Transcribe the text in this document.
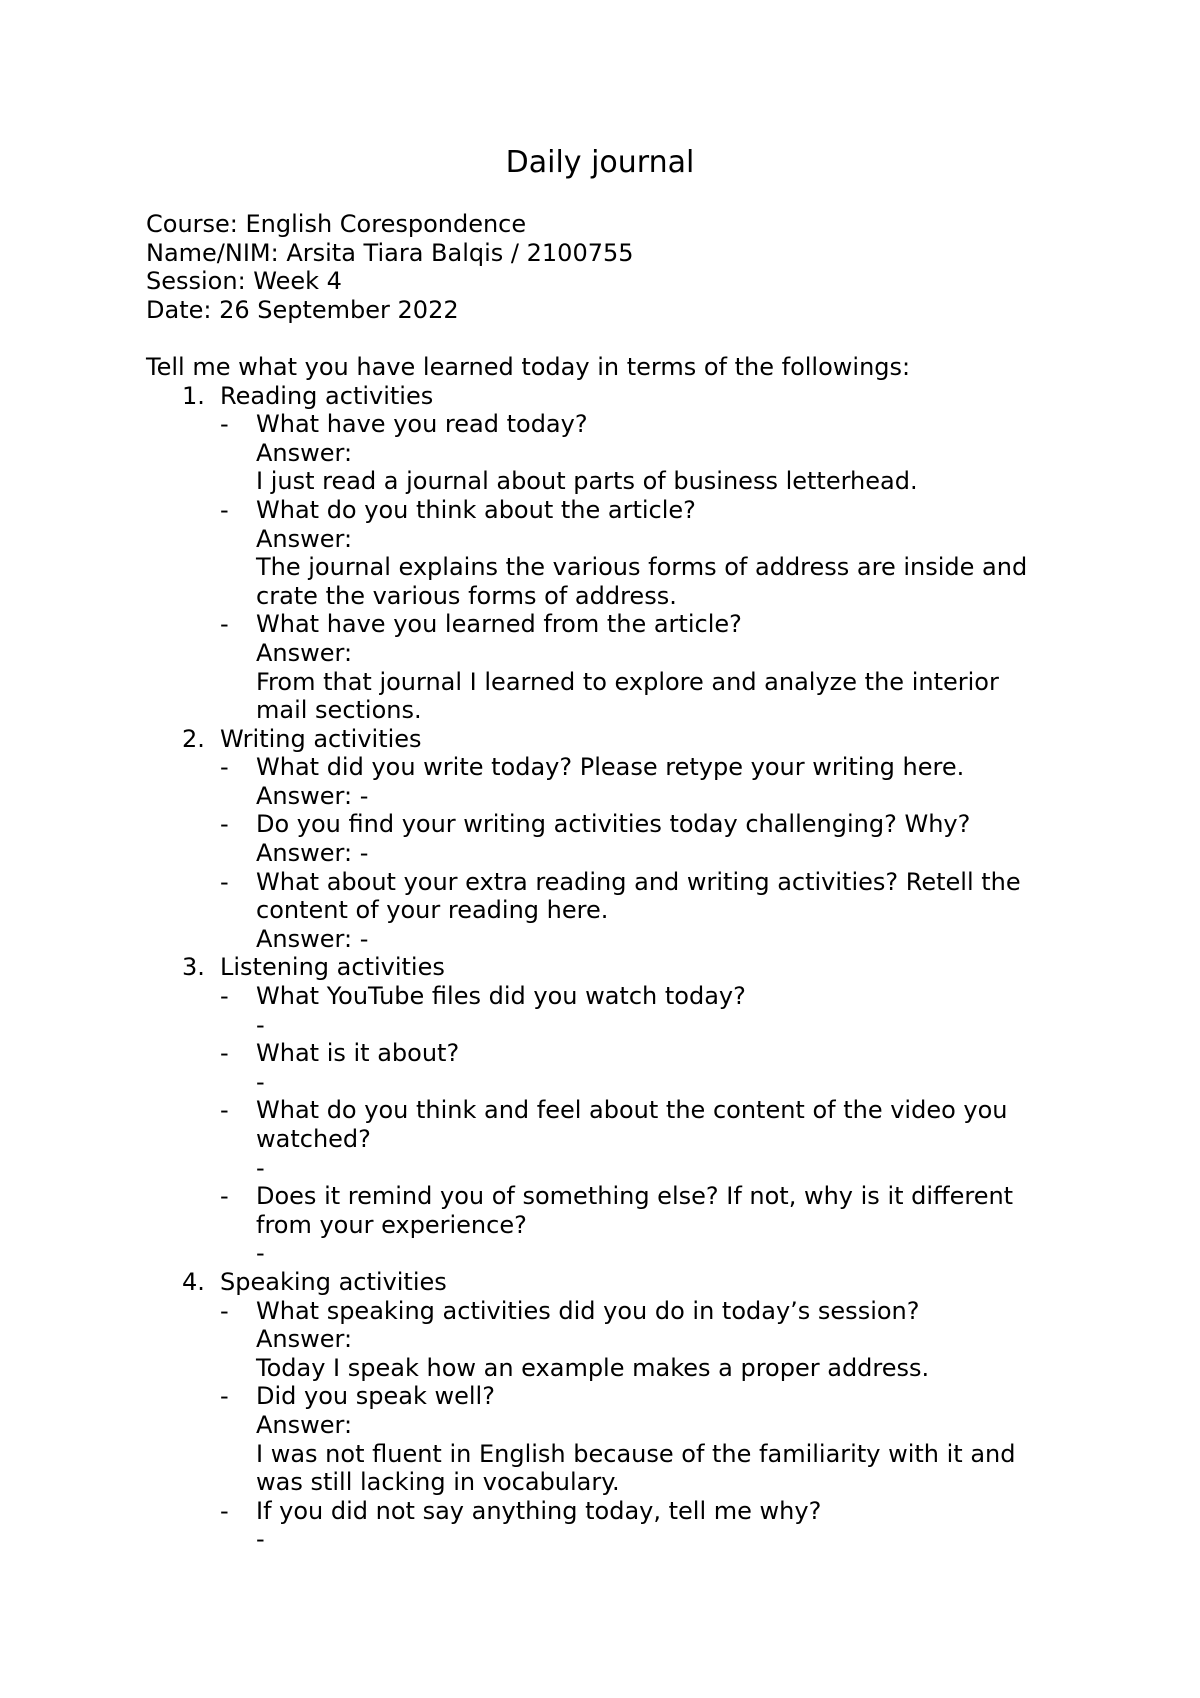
Daily journal
Course: English Corespondence
Name/NIM: Arsita Tiara Balqis / 2100755
Session: Week 4
Date: 26 September 2022
Tell me what you have learned today in terms of the followings:
1. Reading activities
- What have you read today?
Answer:
I just read a journal about parts of business letterhead.
- What do you think about the article?
Answer:
The journal explains the various forms of address are inside and
crate the various forms of address.
- What have you learned from the article?
Answer:
From that journal I learned to explore and analyze the interior
mail sections.
2. Writing activities
- What did you write today? Please retype your writing here.
Answer: -
- Do you find your writing activities today challenging? Why?
Answer: -
- What about your extra reading and writing activities? Retell the
content of your reading here.
Answer: -
3. Listening activities
- What YouTube files did you watch today?
-
- What is it about?
-
- What do you think and feel about the content of the video you
watched?
-
- Does it remind you of something else? If not, why is it different
from your experience?
-
4. Speaking activities
- What speaking activities did you do in today’s session?
Answer:
Today I speak how an example makes a proper address.
- Did you speak well?
Answer:
I was not fluent in English because of the familiarity with it and
was still lacking in vocabulary.
- If you did not say anything today, tell me why?
-
